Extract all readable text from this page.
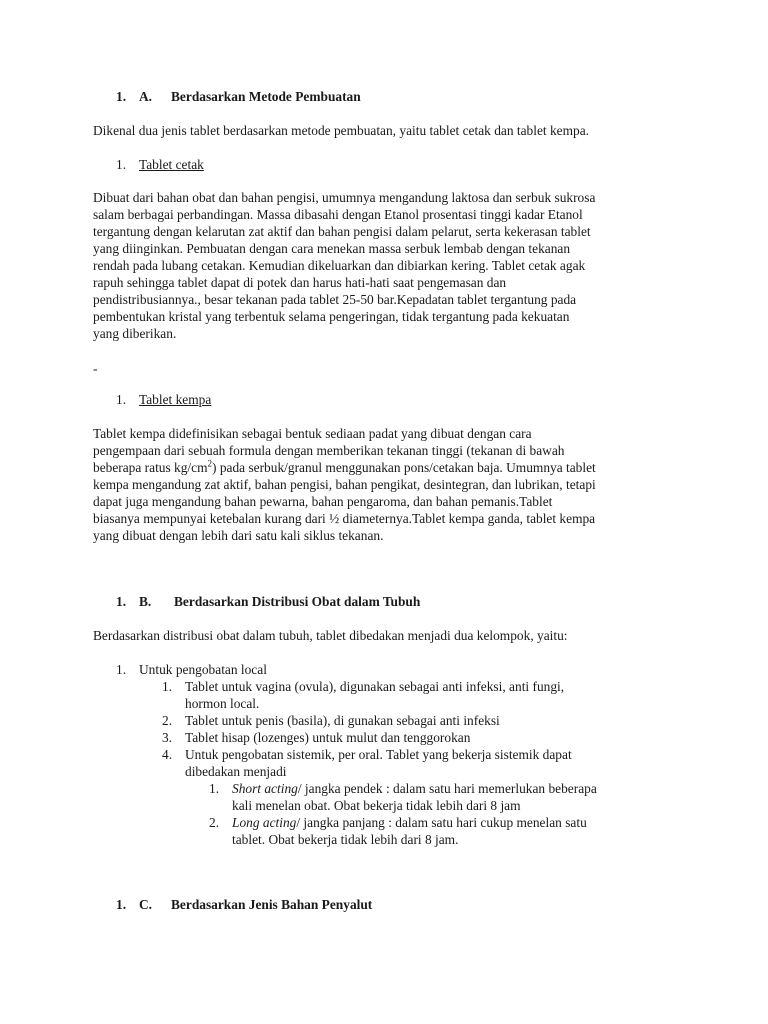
1. A. Berdasarkan Metode Pembuatan
Dikenal dua jenis tablet berdasarkan metode pembuatan, yaitu tablet cetak dan tablet kempa.
1. Tablet cetak
Dibuat dari bahan obat dan bahan pengisi, umumnya mengandung laktosa dan serbuk sukrosa
salam berbagai perbandingan. Massa dibasahi dengan Etanol prosentasi tinggi kadar Etanol
tergantung dengan kelarutan zat aktif dan bahan pengisi dalam pelarut, serta kekerasan tablet
yang diinginkan. Pembuatan dengan cara menekan massa serbuk lembab dengan tekanan
rendah pada lubang cetakan. Kemudian dikeluarkan dan dibiarkan kering. Tablet cetak agak
rapuh sehingga tablet dapat di potek dan harus hati-hati saat pengemasan dan
pendistribusiannya., besar tekanan pada tablet 25-50 bar.Kepadatan tablet tergantung pada
pembentukan kristal yang terbentuk selama pengeringan, tidak tergantung pada kekuatan
yang diberikan.
-
1. Tablet kempa
Tablet kempa didefinisikan sebagai bentuk sediaan padat yang dibuat dengan cara
pengempaan dari sebuah formula dengan memberikan tekanan tinggi (tekanan di bawah
beberapa ratus $kg/cm^2$) pada serbuk/granul menggunakan pons/cetakan baja. Umumnya tablet
kempa mengandung zat aktif, bahan pengisi, bahan pengikat, desintegran, dan lubrikan, tetapi
dapat juga mengandung bahan pewarna, bahan pengaroma, dan bahan pemanis.Tablet
biasanya mempunyai ketebalan kurang dari ½ diameternya.Tablet kempa ganda, tablet kempa
yang dibuat dengan lebih dari satu kali siklus tekanan.
1. B. Berdasarkan Distribusi Obat dalam Tubuh
Berdasarkan distribusi obat dalam tubuh, tablet dibedakan menjadi dua kelompok, yaitu:
1. Untuk pengobatan local
1. Tablet untuk vagina (ovula), digunakan sebagai anti infeksi, anti fungi,
hormon local.
2. Tablet untuk penis (basila), di gunakan sebagai anti infeksi
3. Tablet hisap (lozenges) untuk mulut dan tenggorokan
4. Untuk pengobatan sistemik, per oral. Tablet yang bekerja sistemik dapat
dibedakan menjadi
1. Short acting/ jangka pendek : dalam satu hari memerlukan beberapa
kali menelan obat. Obat bekerja tidak lebih dari 8 jam
2. Long acting/ jangka panjang : dalam satu hari cukup menelan satu
tablet. Obat bekerja tidak lebih dari 8 jam.
1. C. Berdasarkan Jenis Bahan Penyalut
